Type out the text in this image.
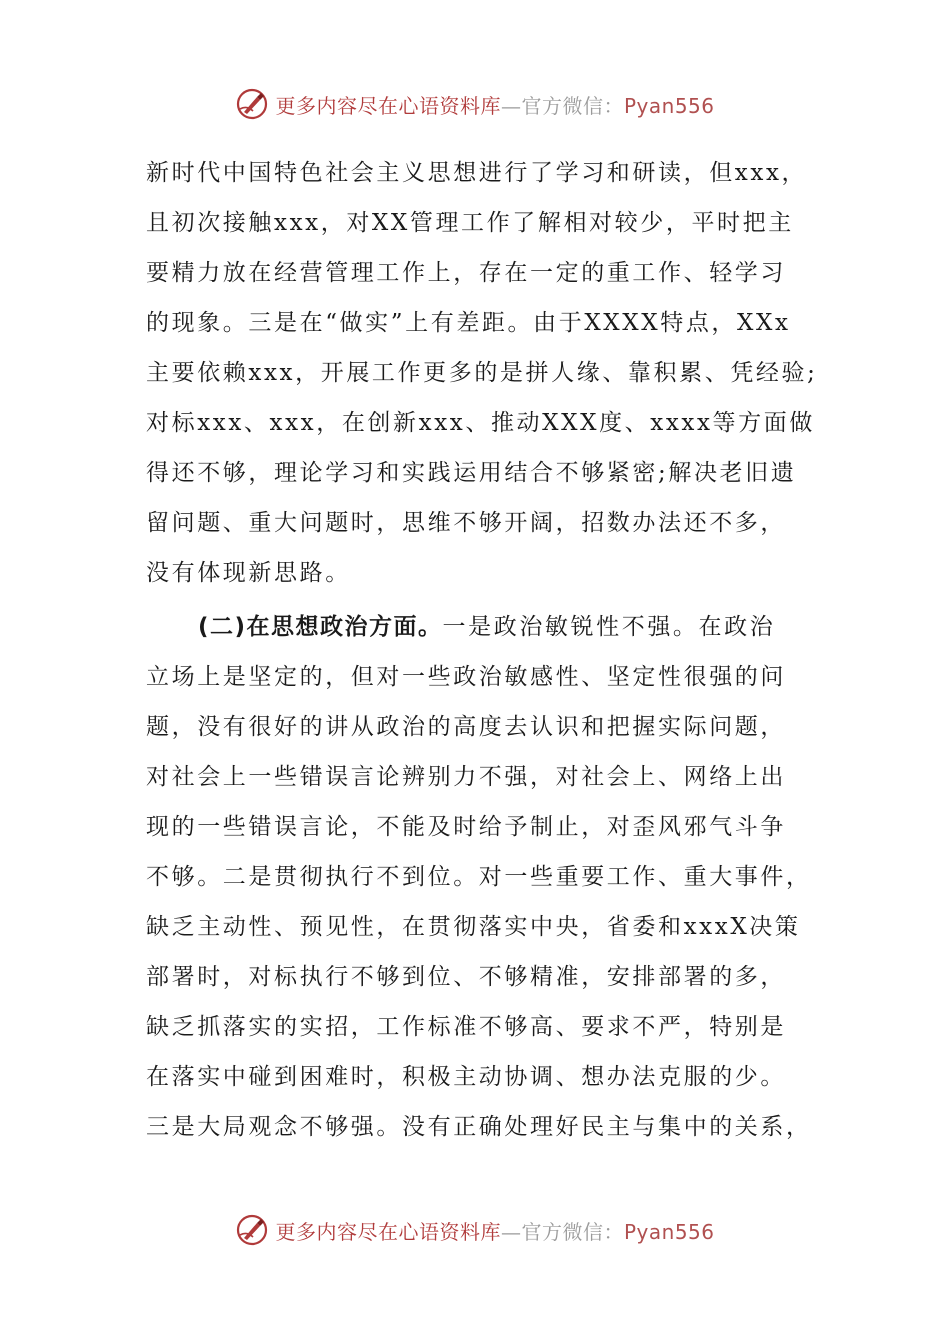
更多内容尽在心语资料库—官方微信：Pyan556
新时代中国特色社会主义思想进行了学习和研读，但xxx，
且初次接触xxx，对XX管理工作了解相对较少，平时把主
要精力放在经营管理工作上，存在一定的重工作、轻学习
的现象。三是在“做实”上有差距。由于XXXX特点，XXx
主要依赖xxx，开展工作更多的是拼人缘、靠积累、凭经验;
对标xxx、xxx，在创新xxx、推动XXX度、xxxx等方面做
得还不够，理论学习和实践运用结合不够紧密;解决老旧遗
留问题、重大问题时，思维不够开阔，招数办法还不多，
没有体现新思路。
(二)在思想政治方面。一是政治敏锐性不强。在政治
立场上是坚定的，但对一些政治敏感性、坚定性很强的问
题，没有很好的讲从政治的高度去认识和把握实际问题，
对社会上一些错误言论辨别力不强，对社会上、网络上出
现的一些错误言论，不能及时给予制止，对歪风邪气斗争
不够。二是贯彻执行不到位。对一些重要工作、重大事件，
缺乏主动性、预见性，在贯彻落实中央，省委和xxxX决策
部署时，对标执行不够到位、不够精准，安排部署的多，
缺乏抓落实的实招，工作标准不够高、要求不严，特别是
在落实中碰到困难时，积极主动协调、想办法克服的少。
三是大局观念不够强。没有正确处理好民主与集中的关系，
更多内容尽在心语资料库—官方微信：Pyan556
